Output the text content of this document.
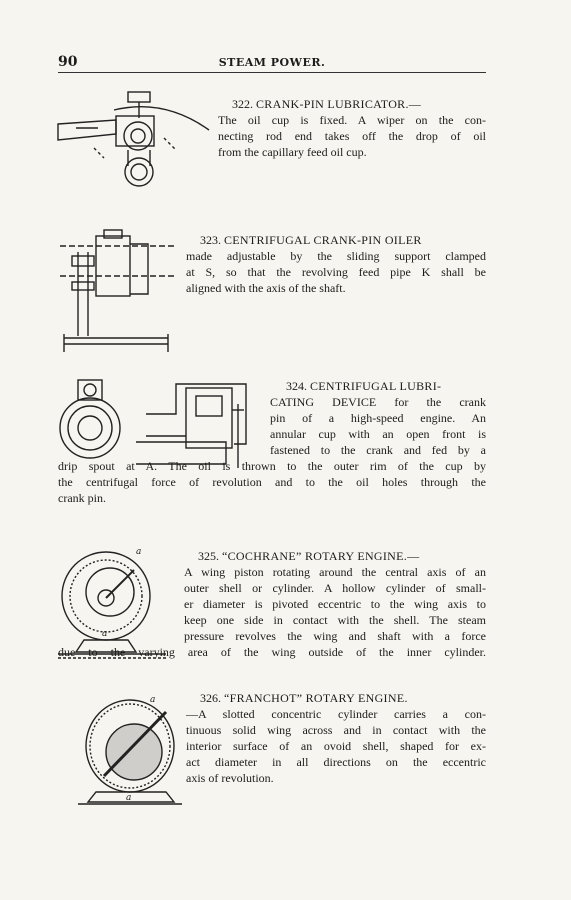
90	STEAM POWER.
322. CRANK-PIN LUBRICATOR.—
The oil cup is fixed. A wiper on the con-
necting rod end takes off the drop of oil
from the capillary feed oil cup.
323. CENTRIFUGAL CRANK-PIN OILER
made adjustable by the sliding support clamped
at S, so that the revolving feed pipe K shall be
aligned with the axis of the shaft.
324. CENTRIFUGAL LUBRI-
CATING DEVICE for the crank
pin of a high-speed engine. An
annular cup with an open front is
fastened to the crank and fed by a
drip spout at A. The oil is thrown to the outer rim of the cup by
the centrifugal force of revolution and to the oil holes through the
crank pin.
a
a
325. “COCHRANE” ROTARY ENGINE.—
A wing piston rotating around the central axis of an
outer shell or cylinder. A hollow cylinder of small-
er diameter is pivoted eccentric to the wing axis to
keep one side in contact with the shell. The steam
pressure revolves the wing and shaft with a force
due to the varying area of the wing outside of the inner cylinder.
a
a
326. “FRANCHOT” ROTARY ENGINE.
—A slotted concentric cylinder carries a con-
tinuous solid wing across and in contact with the
interior surface of an ovoid shell, shaped for ex-
act diameter in all directions on the eccentric
axis of revolution.
